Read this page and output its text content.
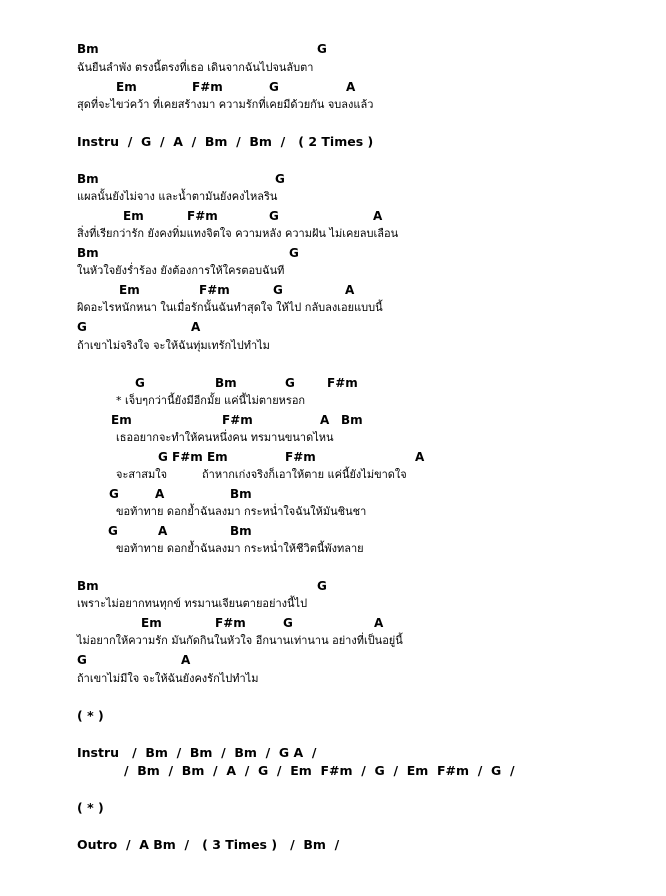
Bm

	G

ฉันยืนลำพัง ตรงนี้ตรงที่เธอ เดินจากฉันไปจนลับตา

Em

	F#m

	G

	A

สุดที่จะไขว่คว้า ที่เคยสร้างมา ความรักที่เคยมีด้วยกัน จบลงแล้ว

Instru  /  G  /  A  /  Bm  /  Bm  /   ( 2 Times )

Bm

	G

แผลนั้นยังไม่จาง และน้ำตามันยังคงไหลริน

Em

	F#m

	G

	A

สิ่งที่เรียกว่ารัก ยังคงทิ่มแทงจิตใจ ความหลัง ความฝัน ไม่เคยลบเลือน

Bm

	G

ในหัวใจยังร่ำร้อง ยังต้องการให้ใครตอบฉันที

Em

	F#m

	G

	A

ผิดอะไรหนักหนา ในเมื่อรักนั้นฉันทำสุดใจ ให้ไป กลับลงเอยแบบนี้

G

	A

ถ้าเขาไม่จริงใจ จะให้ฉันทุ่มเทรักไปทำไม

G

	Bm

	G

	F#m

* เจ็บๆกว่านี้ยังมีอีกมั้ย แค่นี้ไม่ตายหรอก

Em

	F#m

	A

Bm

เธออยากจะทำให้คนหนึ่งคน ทรมานขนาดไหน

G F#m Em

	F#m

	A

จะสาสมใจ          ถ้าหากเก่งจริงก็เอาให้ตาย แค่นี้ยังไม่ขาดใจ

G

	A

	Bm

ขอท้าทาย ดอกย้ำฉันลงมา กระหน่ำใจฉันให้มันชินชา

G

	A

	Bm

ขอท้าทาย ดอกย้ำฉันลงมา กระหน่ำให้ชีวิตนี้พังทลาย

Bm

	G

เพราะไม่อยากทนทุกข์ ทรมานเจียนตายอย่างนี้ไป

Em

	F#m

	G

	A

ไม่อยากให้ความรัก มันกัดกินในหัวใจ อีกนานเท่านาน อย่างที่เป็นอยู่นี้

G

	A

ถ้าเขาไม่มีใจ จะให้ฉันยังคงรักไปทำไม

( * )

Instru   /  Bm  /  Bm  /  Bm  /  G A  /

/  Bm  /  Bm  /  A  /  G  /  Em  F#m  /  G  /  Em  F#m  /  G  /

( * )

Outro  /  A Bm  /   ( 3 Times )   /  Bm  /
